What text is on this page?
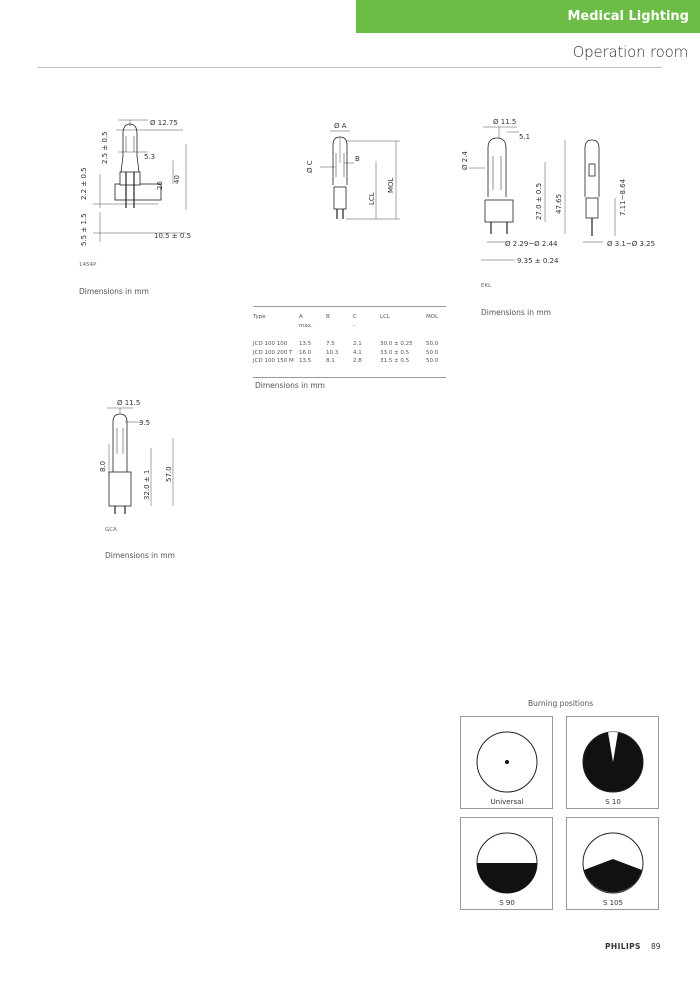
Medical Lighting
Operation room
Ø 12.75
5.3
10.5 ± 0.5
2.5 ± 0.5
26
40
2.2 ± 0.5
5.5 ± 1.5
1454P
Dimensions in mm
Ø A
B
Ø C
LCL
MOL
Type	A	B	C	LCL	MOL
	max.		-		

JCD 100 100	13.5	7.5	2.1	30.0 ± 0.25	50.0
JCD 100 200 T	16.0	10.3	4.1	33.0 ± 0.5	50.0
JCD 100 150 M	13.5	8.1	2.8	31.5 ± 0.5	50.0
Dimensions in mm
Ø 11.5
5.1
Ø 2.4
27.0 ± 0.5 47.65	7.11~8.64
Ø 2.29~Ø 2.44	Ø 3.1~Ø 3.25
9.35 ± 0.24
EKL
Dimensions in mm
Ø 11.5
3.5
8.0
32.0 ± 1 57.0
GCA
Dimensions in mm
Burning positions
Universal	S 10
S 90	S 105
PHILIPS 89
